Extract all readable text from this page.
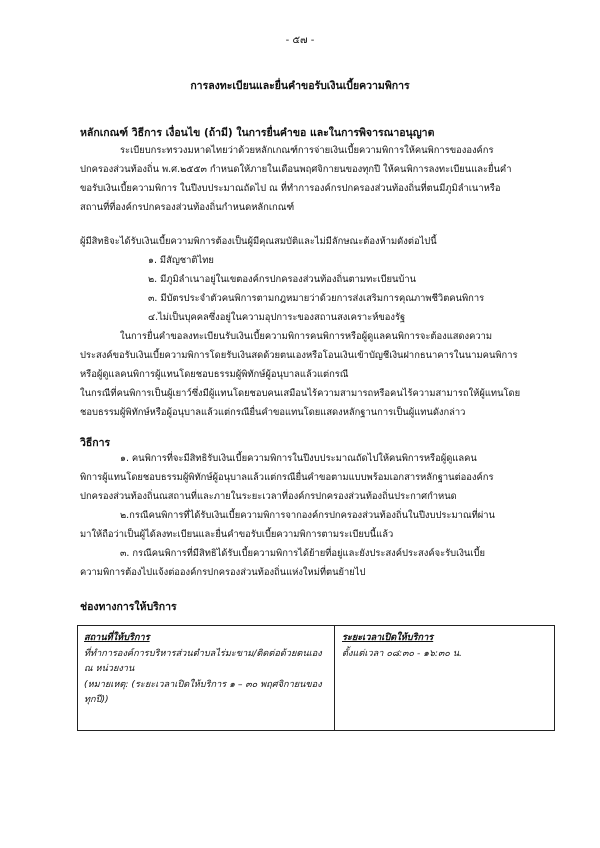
- ๕๗ -
การลงทะเบียนและยื่นคำขอรับเงินเบี้ยความพิการ
หลักเกณฑ์ วิธีการ เงื่อนไข (ถ้ามี) ในการยื่นคำขอ และในการพิจารณาอนุญาต
ระเบียบกระทรวงมหาดไทยว่าด้วยหลักเกณฑ์การจ่ายเงินเบี้ยความพิการให้คนพิการขององค์กร
ปกครองส่วนท้องถิ่น พ.ศ.๒๕๕๓ กำหนดให้ภายในเดือนพฤศจิกายนของทุกปี ให้คนพิการลงทะเบียนและยื่นคำ
ขอรับเงินเบี้ยความพิการ ในปีงบประมาณถัดไป ณ ที่ทำการองค์กรปกครองส่วนท้องถิ่นที่ตนมีภูมิลำเนาหรือ
สถานที่ที่องค์กรปกครองส่วนท้องถิ่นกำหนดหลักเกณฑ์
ผู้มีสิทธิจะได้รับเงินเบี้ยความพิการต้องเป็นผู้มีคุณสมบัติและไม่มีลักษณะต้องห้ามดังต่อไปนี้
๑. มีสัญชาติไทย
๒. มีภูมิลำเนาอยู่ในเขตองค์กรปกครองส่วนท้องถิ่นตามทะเบียนบ้าน
๓. มีบัตรประจำตัวคนพิการตามกฎหมายว่าด้วยการส่งเสริมการคุณภาพชีวิตคนพิการ
๔.ไม่เป็นบุคคลซึ่งอยู่ในความอุปการะของสถานสงเคราะห์ของรัฐ
ในการยื่นคำขอลงทะเบียนรับเงินเบี้ยความพิการคนพิการหรือผู้ดูแลคนพิการจะต้องแสดงความ
ประสงค์ขอรับเงินเบี้ยความพิการโดยรับเงินสดด้วยตนเองหรือโอนเงินเข้าบัญชีเงินฝากธนาคารในนามคนพิการ
หรือผู้ดูแลคนพิการผู้แทนโดยชอบธรรมผู้พิทักษ์ผู้อนุบาลแล้วแต่กรณี
ในกรณีที่คนพิการเป็นผู้เยาว์ซึ่งมีผู้แทนโดยชอบคนเสมือนไร้ความสามารถหรือคนไร้ความสามารถให้ผู้แทนโดย
ชอบธรรมผู้พิทักษ์หรือผู้อนุบาลแล้วแต่กรณียื่นคำขอแทนโดยแสดงหลักฐานการเป็นผู้แทนดังกล่าว
วิธีการ
๑. คนพิการที่จะมีสิทธิรับเงินเบี้ยความพิการในปีงบประมาณถัดไปให้คนพิการหรือผู้ดูแลคน
พิการผู้แทนโดยชอบธรรมผู้พิทักษ์ผู้อนุบาลแล้วแต่กรณียื่นคำขอตามแบบพร้อมเอกสารหลักฐานต่อองค์กร
ปกครองส่วนท้องถิ่นณสถานที่และภายในระยะเวลาที่องค์กรปกครองส่วนท้องถิ่นประกาศกำหนด
๒.กรณีคนพิการที่ได้รับเงินเบี้ยความพิการจากองค์กรปกครองส่วนท้องถิ่นในปีงบประมาณที่ผ่าน
มาให้ถือว่าเป็นผู้ได้ลงทะเบียนและยื่นคำขอรับเบี้ยความพิการตามระเบียบนี้แล้ว
๓. กรณีคนพิการที่มีสิทธิได้รับเบี้ยความพิการได้ย้ายที่อยู่และยังประสงค์ประสงค์จะรับเงินเบี้ย
ความพิการต้องไปแจ้งต่อองค์กรปกครองส่วนท้องถิ่นแห่งใหม่ที่ตนย้ายไป
ช่องทางการให้บริการ
สถานที่ให้บริการ
ที่ทำการองค์การบริหารส่วนตำบลไร่มะขาม/ติดต่อด้วยตนเอง
ณ หน่วยงาน
(หมายเหตุ: (ระยะเวลาเปิดให้บริการ ๑ – ๓๐ พฤศจิกายนของ
ทุกปี))
ระยะเวลาเปิดให้บริการ
ตั้งแต่เวลา ๐๘:๓๐ - ๑๖:๓๐ น.
